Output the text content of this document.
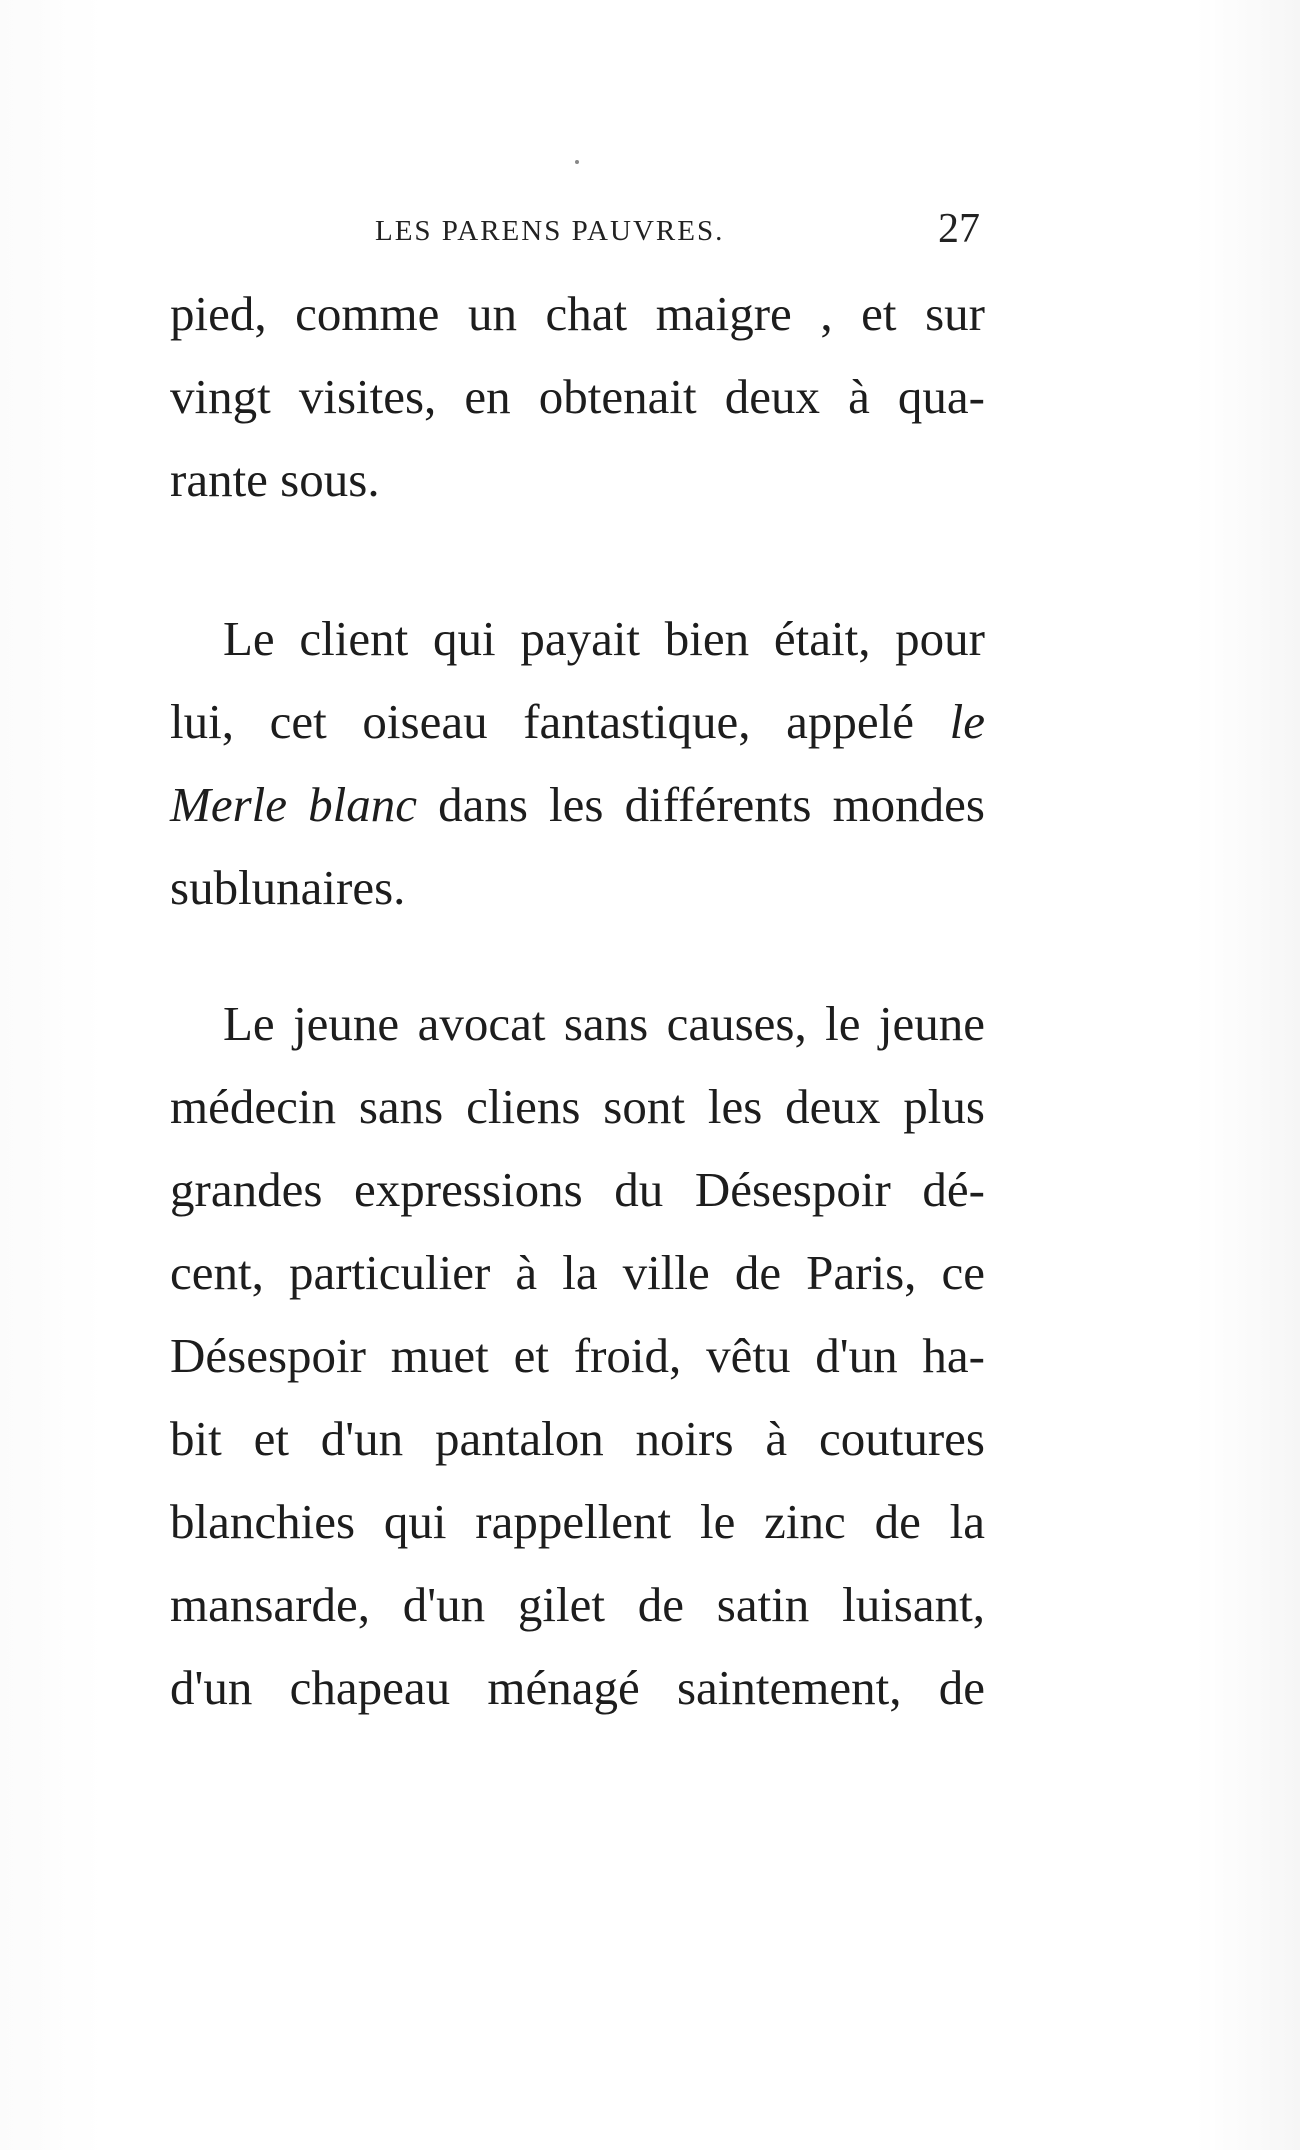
LES PARENS PAUVRES.	27
pied, comme un chat maigre , et sur
vingt visites, en obtenait deux à qua-
rante sous.
Le client qui payait bien était, pour
lui, cet oiseau fantastique, appelé le
Merle blanc dans les différents mondes
sublunaires.
Le jeune avocat sans causes, le jeune
médecin sans cliens sont les deux plus
grandes expressions du Désespoir dé-
cent, particulier à la ville de Paris, ce
Désespoir muet et froid, vêtu d'un ha-
bit et d'un pantalon noirs à coutures
blanchies qui rappellent le zinc de la
mansarde, d'un gilet de satin luisant,
d'un chapeau ménagé saintement, de
